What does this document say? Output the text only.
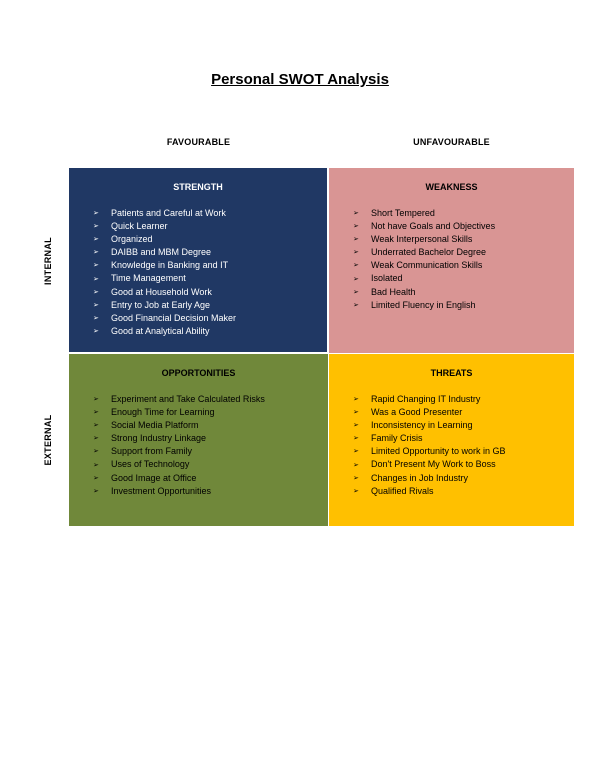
Personal SWOT Analysis
FAVOURABLE	UNFAVOURABLE
INTERNAL
EXTERNAL
STRENGTH
➢	Patients and Careful at Work
➢	Quick Learner
➢	Organized
➢	DAIBB and MBM Degree
➢	Knowledge in Banking and IT
➢	Time Management
➢	Good at Household Work
➢	Entry to Job at Early Age
➢	Good Financial Decision Maker
➢	Good at Analytical Ability
WEAKNESS
➢	Short Tempered
➢	Not have Goals and Objectives
➢	Weak Interpersonal Skills
➢	Underrated Bachelor Degree
➢	Weak Communication Skills
➢	Isolated
➢	Bad Health
➢	Limited Fluency in English
OPPORTONITIES
➢	Experiment and Take Calculated Risks
➢	Enough Time for Learning
➢	Social Media Platform
➢	Strong Industry Linkage
➢	Support from Family
➢	Uses of Technology
➢	Good Image at Office
➢	Investment Opportunities
THREATS
➢	Rapid Changing IT Industry
➢	Was a Good Presenter
➢	Inconsistency in Learning
➢	Family Crisis
➢	Limited Opportunity to work in GB
➢	Don't Present My Work to Boss
➢	Changes in Job Industry
➢	Qualified Rivals
